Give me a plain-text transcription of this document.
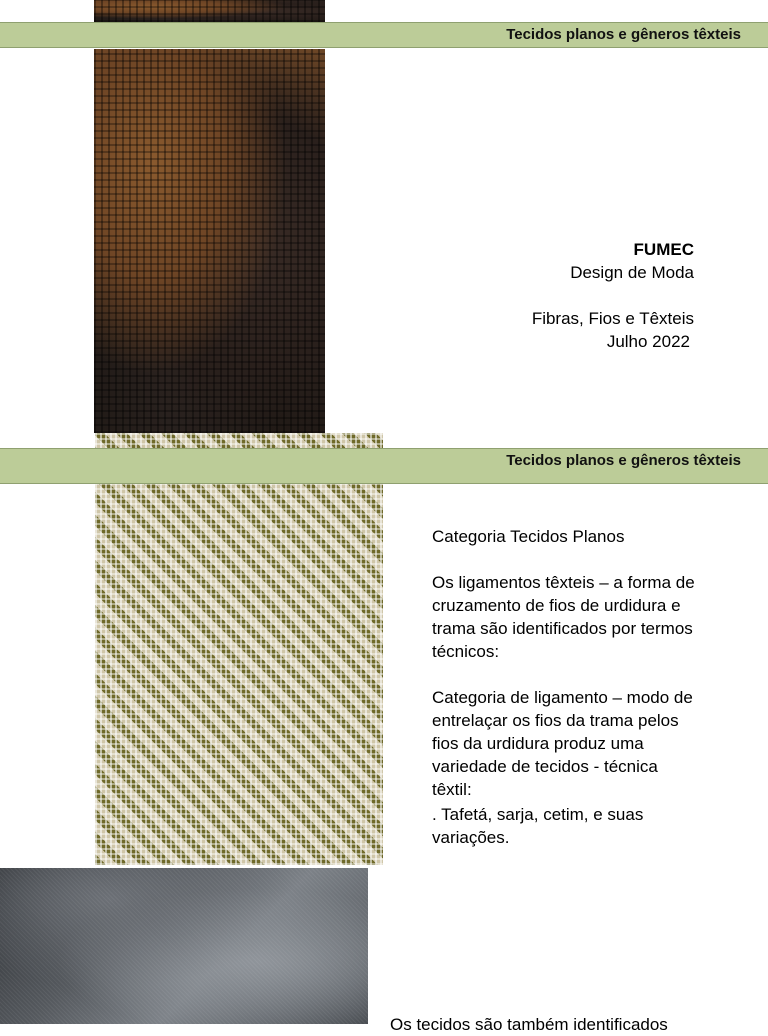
Tecidos planos e gêneros têxteis
FUMEC
Design de Moda
Fibras, Fios e Têxteis
Julho 2022
Tecidos planos e gêneros têxteis
Categoria Tecidos Planos
Os ligamentos têxteis – a forma de cruzamento de fios de urdidura e trama são identificados por termos técnicos:
Categoria de ligamento – modo de entrelaçar os fios da trama pelos fios da urdidura produz uma variedade de tecidos - técnica têxtil:
. Tafetá, sarja, cetim, e suas variações.
Os tecidos são também identificados
